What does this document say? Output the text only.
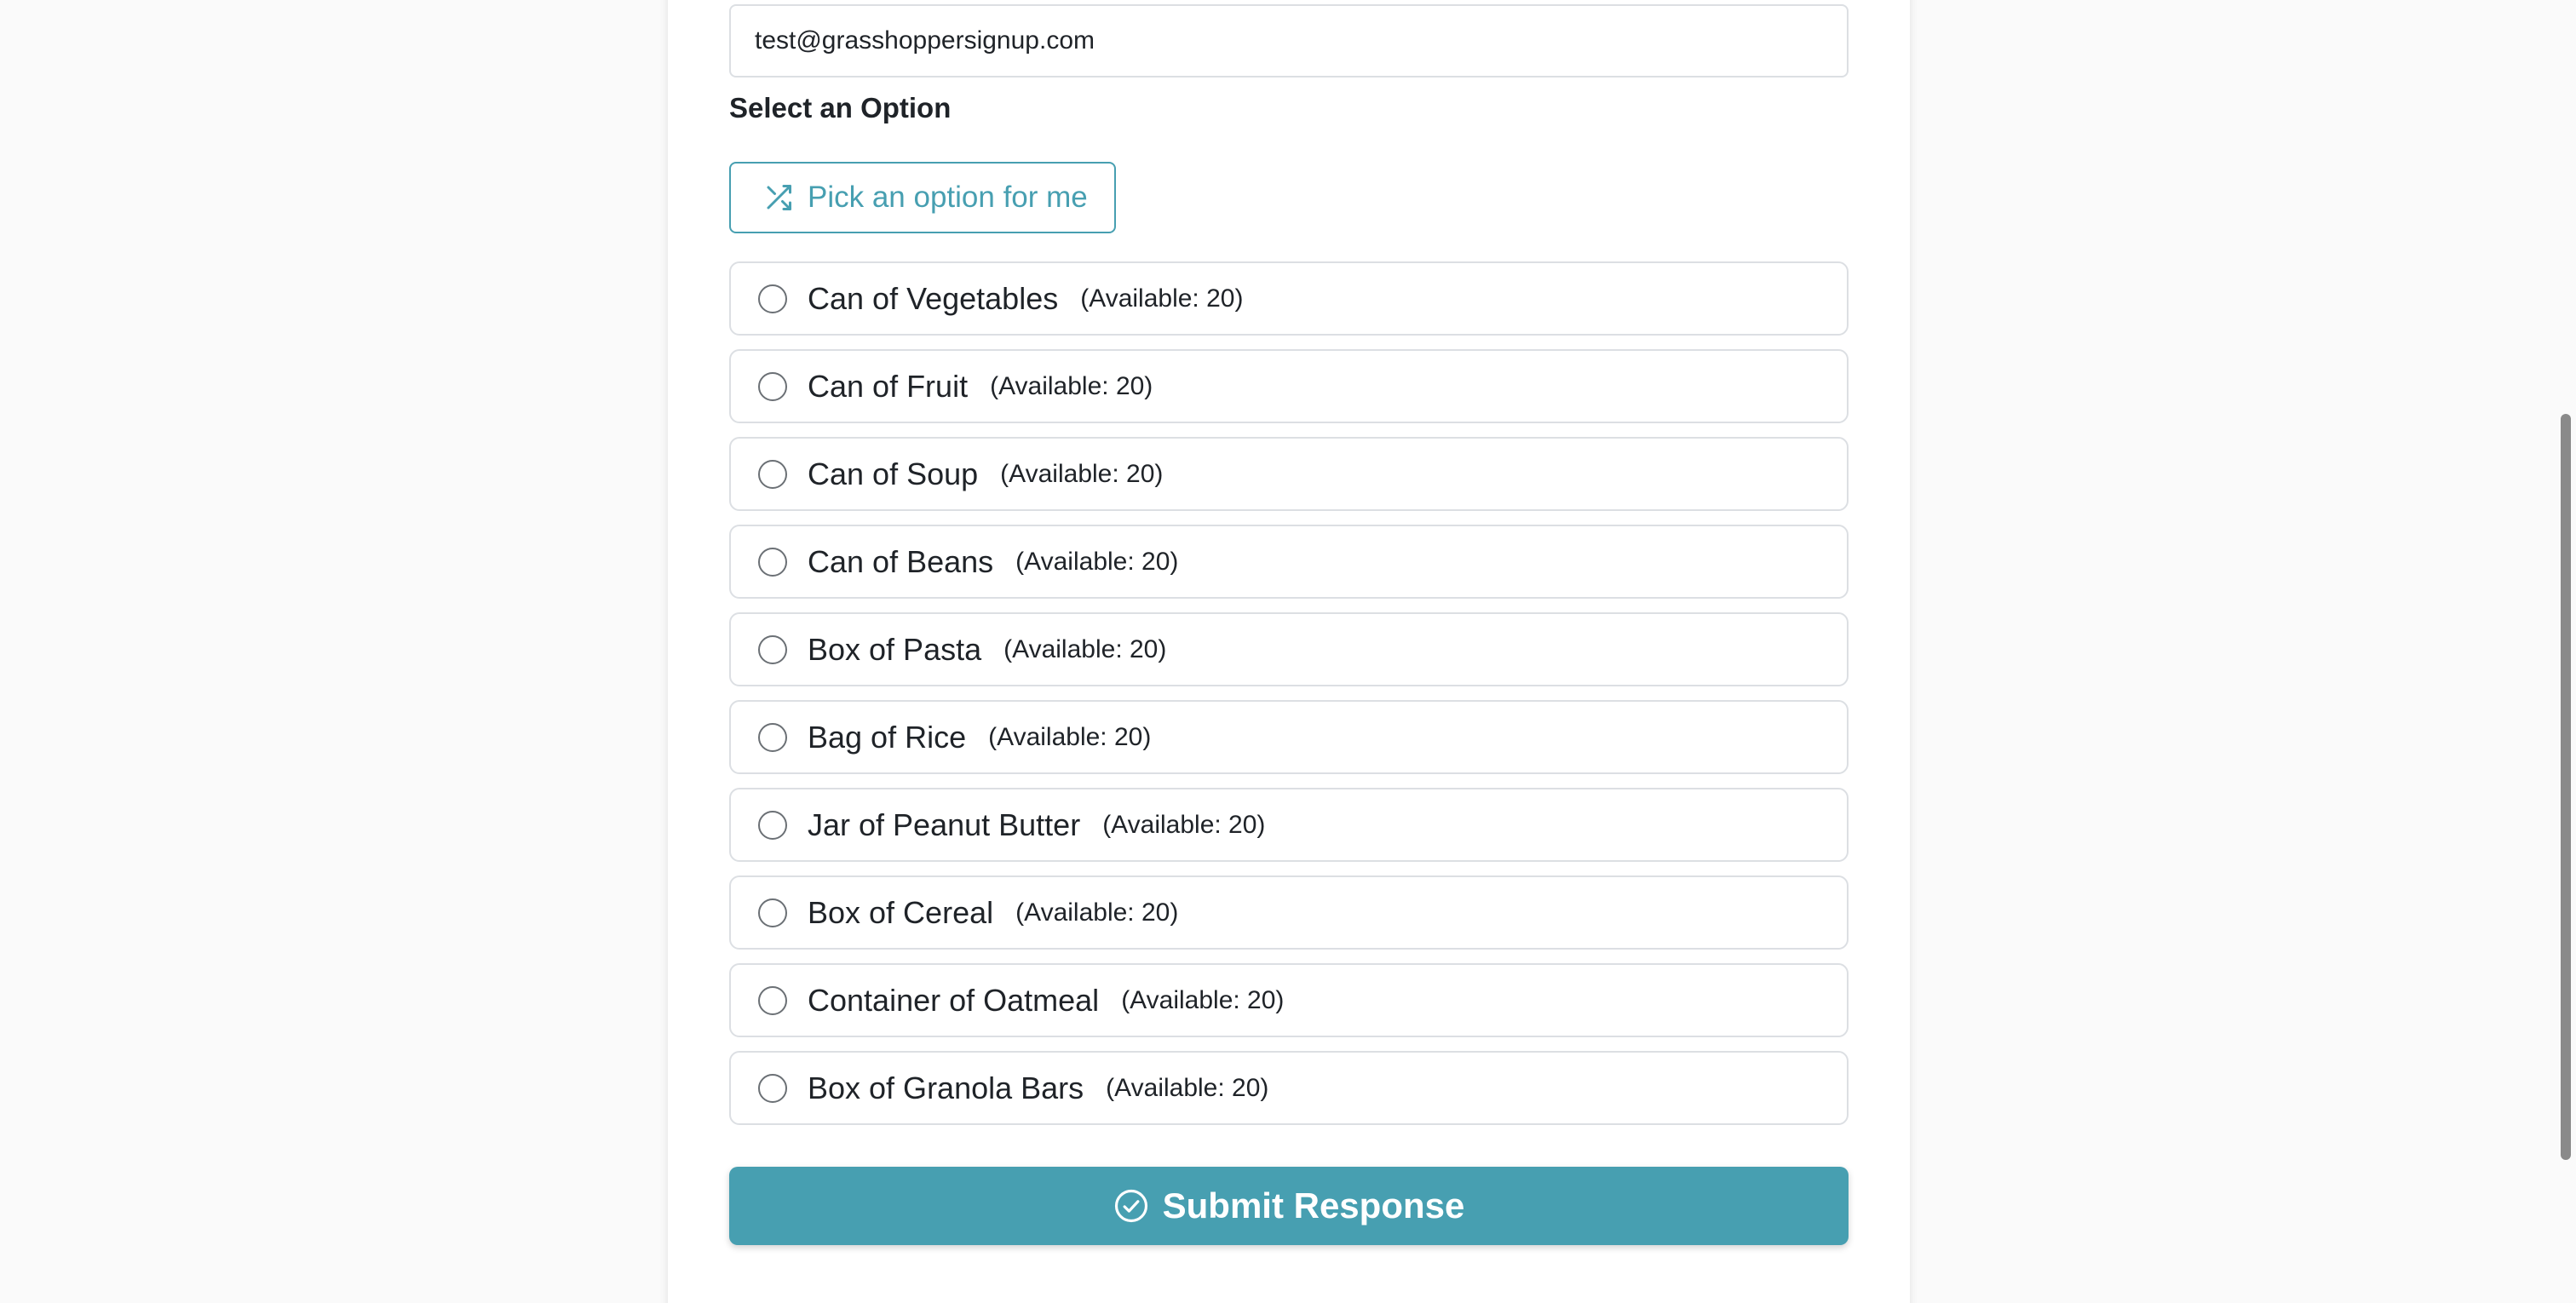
test@grasshoppersignup.com
Select an Option
Pick an option for me
Can of Vegetables (Available: 20)
Can of Fruit (Available: 20)
Can of Soup (Available: 20)
Can of Beans (Available: 20)
Box of Pasta (Available: 20)
Bag of Rice (Available: 20)
Jar of Peanut Butter (Available: 20)
Box of Cereal (Available: 20)
Container of Oatmeal (Available: 20)
Box of Granola Bars (Available: 20)
Submit Response
